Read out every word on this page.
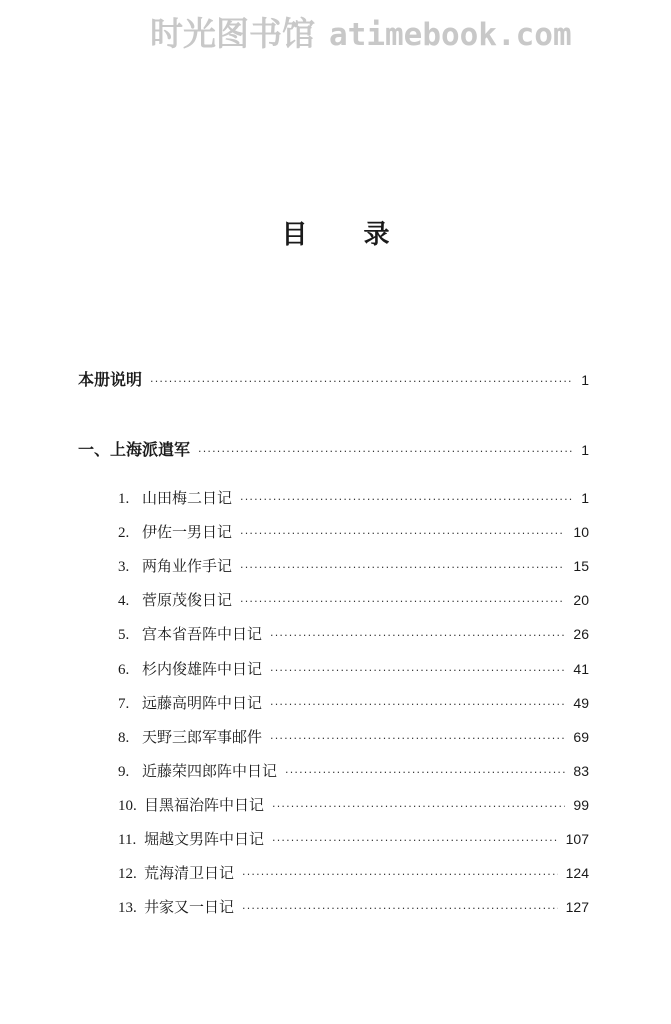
时光图书馆 atimebook.com
目录
本册说明 ·····	1
一、上海派遣军 ·····	1
1. 山田梅二日记 ·····	1
2. 伊佐一男日记 ·····	10
3. 两角业作手记 ·····	15
4. 菅原茂俊日记 ·····	20
5. 宫本省吾阵中日记 ·····	26
6. 杉内俊雄阵中日记 ·····	41
7. 远藤高明阵中日记 ·····	49
8. 天野三郎军事邮件 ·····	69
9. 近藤荣四郎阵中日记 ·····	83
10. 目黑福治阵中日记 ·····	99
11. 堀越文男阵中日记 ·····	107
12. 荒海清卫日记 ·····	124
13. 井家又一日记 ·····	127
